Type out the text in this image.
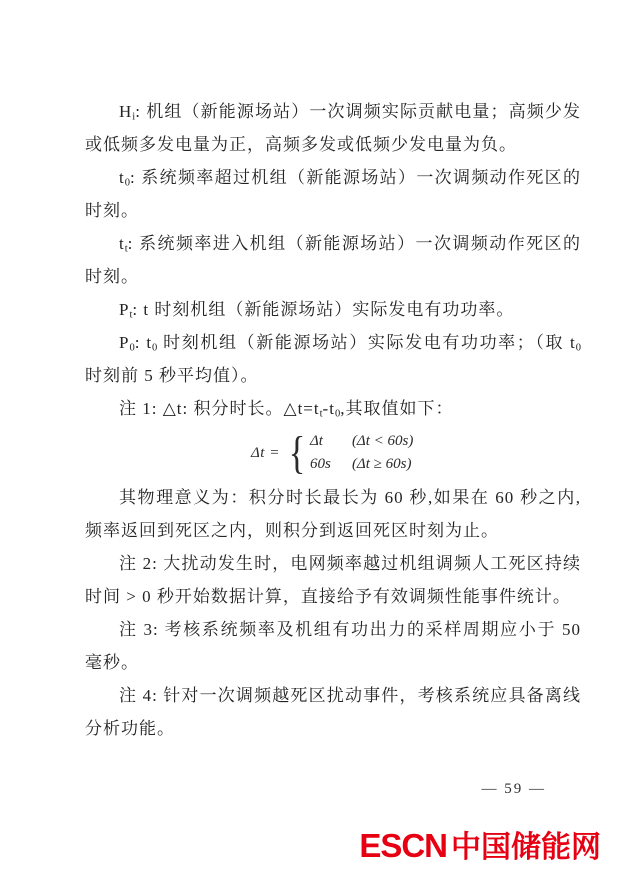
$H_i$: 机组（新能源场站）一次调频实际贡献电量；高频少发或低频多发电量为正，高频多发或低频少发电量为负。

$t_0$: 系统频率超过机组（新能源场站）一次调频动作死区的时刻。

$t_t$: 系统频率进入机组（新能源场站）一次调频动作死区的时刻。

$P_t$: t 时刻机组（新能源场站）实际发电有功功率。

$P_0$: $t_0$ 时刻机组（新能源场站）实际发电有功功率；（取 $t_0$ 时刻前 5 秒平均值）。

注 1: △t: 积分时长。$\triangle t=t_t-t_0$,其取值如下：

Δt = { Δt	(Δt < 60s)
60s	(Δt ≥ 60s)

其物理意义为：积分时长最长为 60 秒,如果在 60 秒之内,频率返回到死区之内，则积分到返回死区时刻为止。

注 2: 大扰动发生时，电网频率越过机组调频人工死区持续时间 > 0 秒开始数据计算，直接给予有效调频性能事件统计。

注 3: 考核系统频率及机组有功出力的采样周期应小于 50 毫秒。

注 4: 针对一次调频越死区扰动事件，考核系统应具备离线分析功能。

— 59 —
ESCN 中国储能网
